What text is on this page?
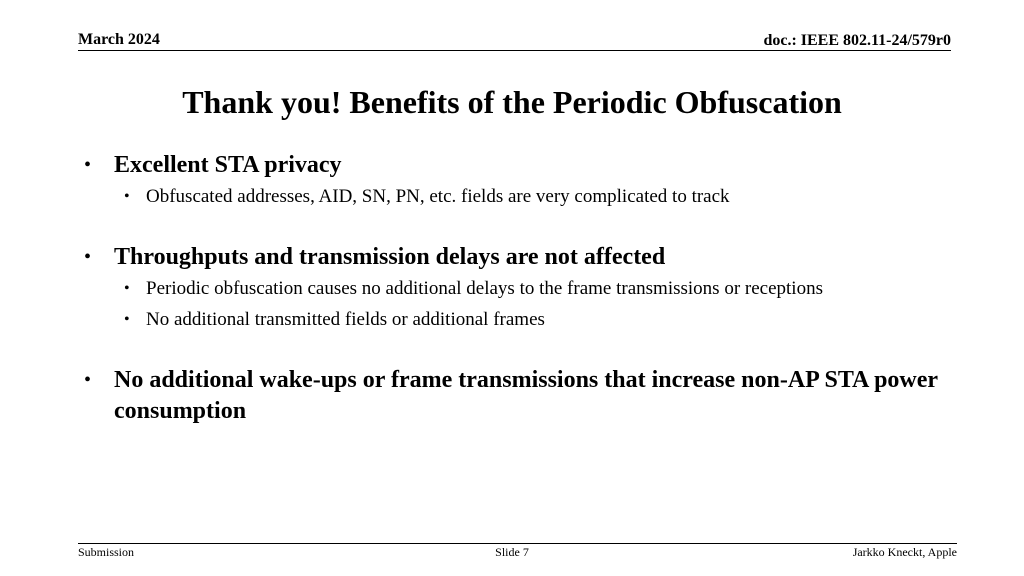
March 2024	doc.: IEEE 802.11-24/579r0
Thank you! Benefits of the Periodic Obfuscation
• Excellent STA privacy
• Obfuscated addresses, AID, SN, PN, etc. fields are very complicated to track
• Throughputs and transmission delays are not affected
• Periodic obfuscation causes no additional delays to the frame transmissions or receptions
• No additional transmitted fields or additional frames
• No additional wake-ups or frame transmissions that increase non-AP STA power consumption
Submission	Slide 7	Jarkko Kneckt, Apple
